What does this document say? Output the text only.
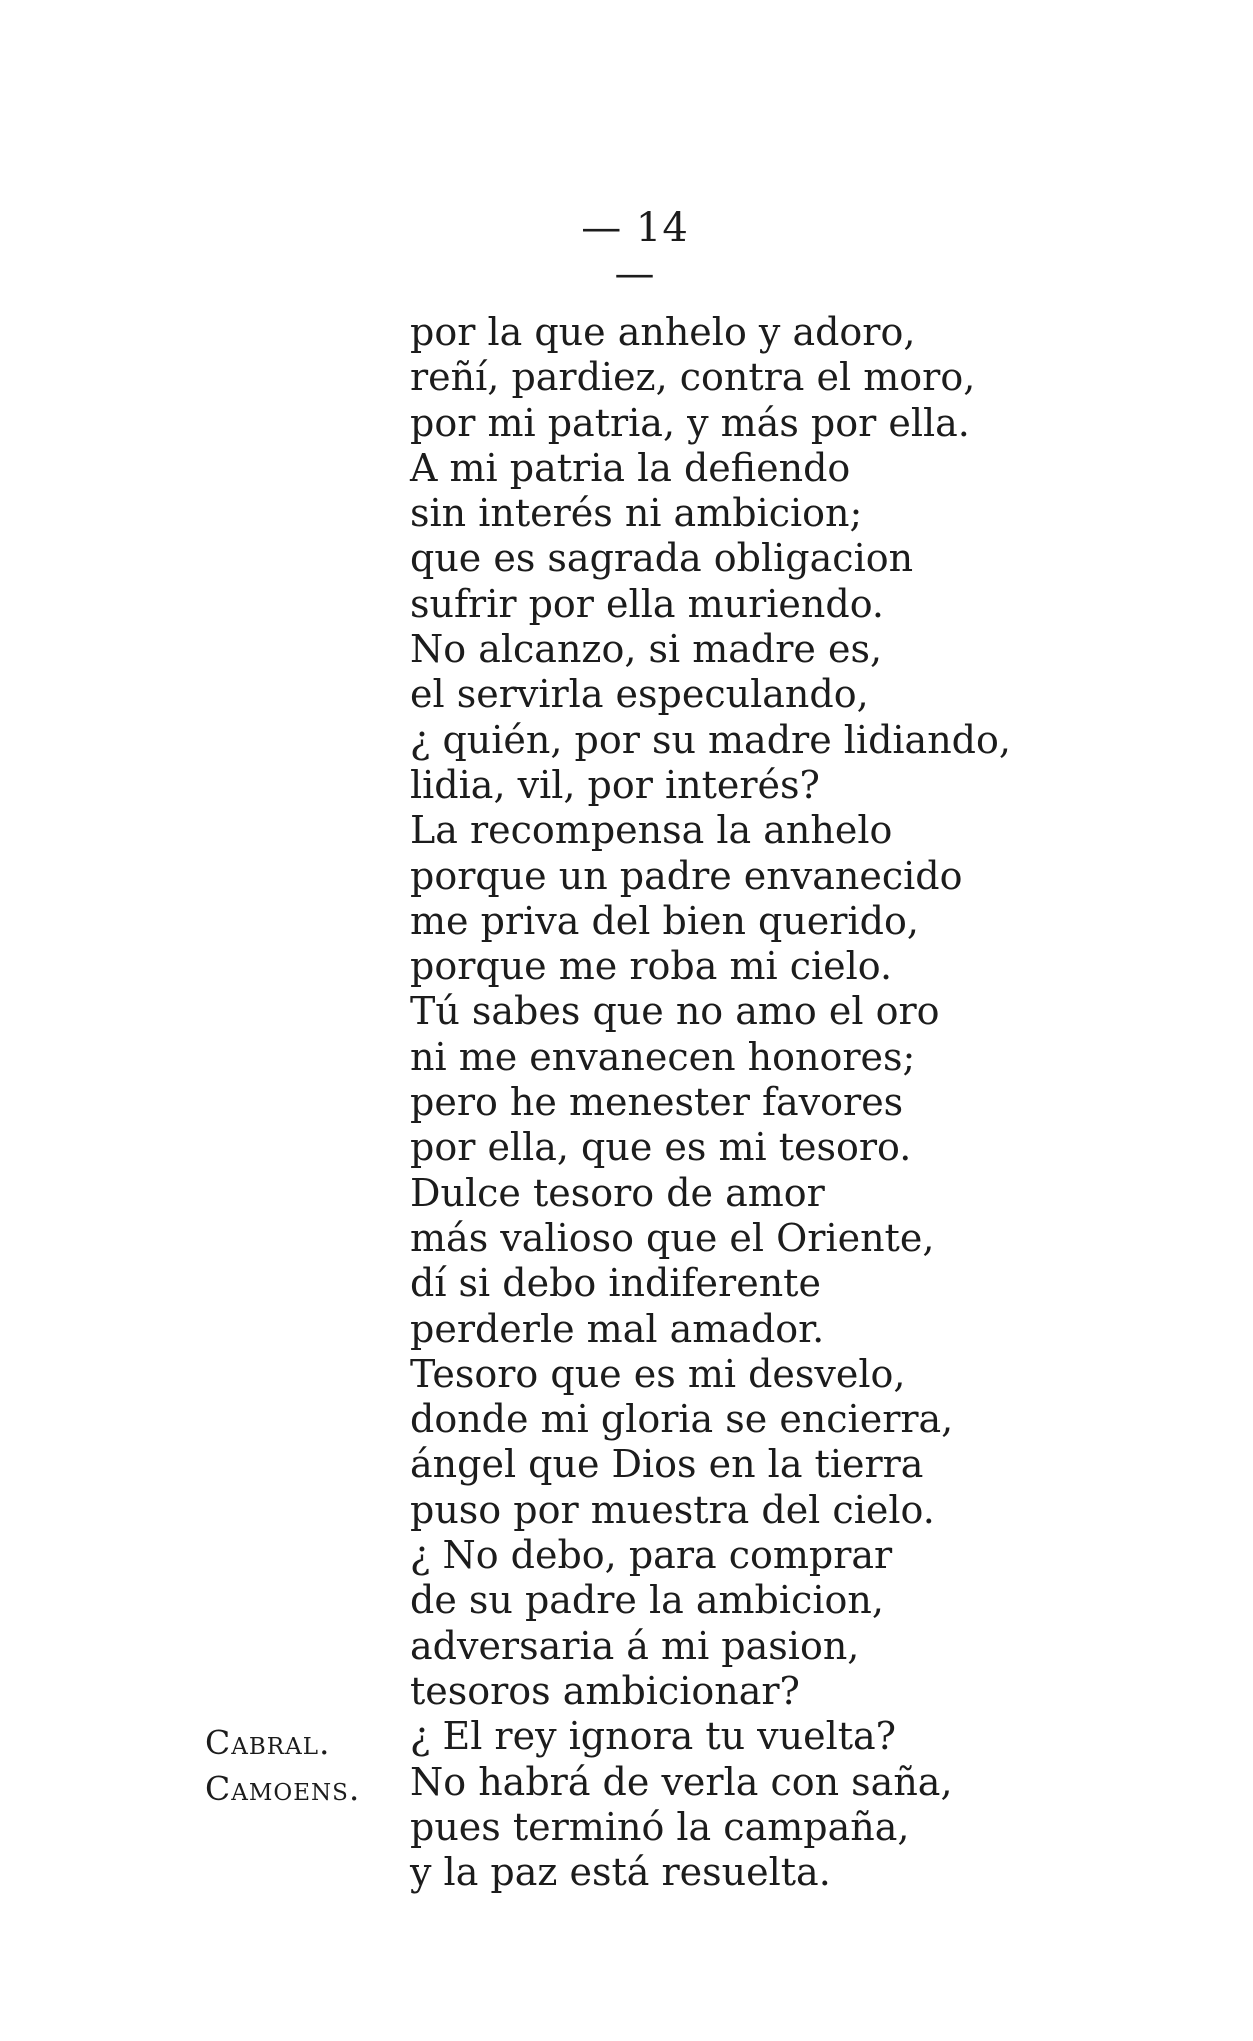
— 14 —
Cabral.
Camoens.
por la que anhelo y adoro,
reñí, pardiez, contra el moro,
por mi patria, y más por ella.
A mi patria la defiendo
sin interés ni ambicion;
que es sagrada obligacion
sufrir por ella muriendo.
No alcanzo, si madre es,
el servirla especulando,
¿ quién, por su madre lidiando,
lidia, vil, por interés?
La recompensa la anhelo
porque un padre envanecido
me priva del bien querido,
porque me roba mi cielo.
Tú sabes que no amo el oro
ni me envanecen honores;
pero he menester favores
por ella, que es mi tesoro.
Dulce tesoro de amor
más valioso que el Oriente,
dí si debo indiferente
perderle mal amador.
Tesoro que es mi desvelo,
donde mi gloria se encierra,
ángel que Dios en la tierra
puso por muestra del cielo.
¿ No debo, para comprar
de su padre la ambicion,
adversaria á mi pasion,
tesoros ambicionar?
¿ El rey ignora tu vuelta?
No habrá de verla con saña,
pues terminó la campaña,
y la paz está resuelta.
